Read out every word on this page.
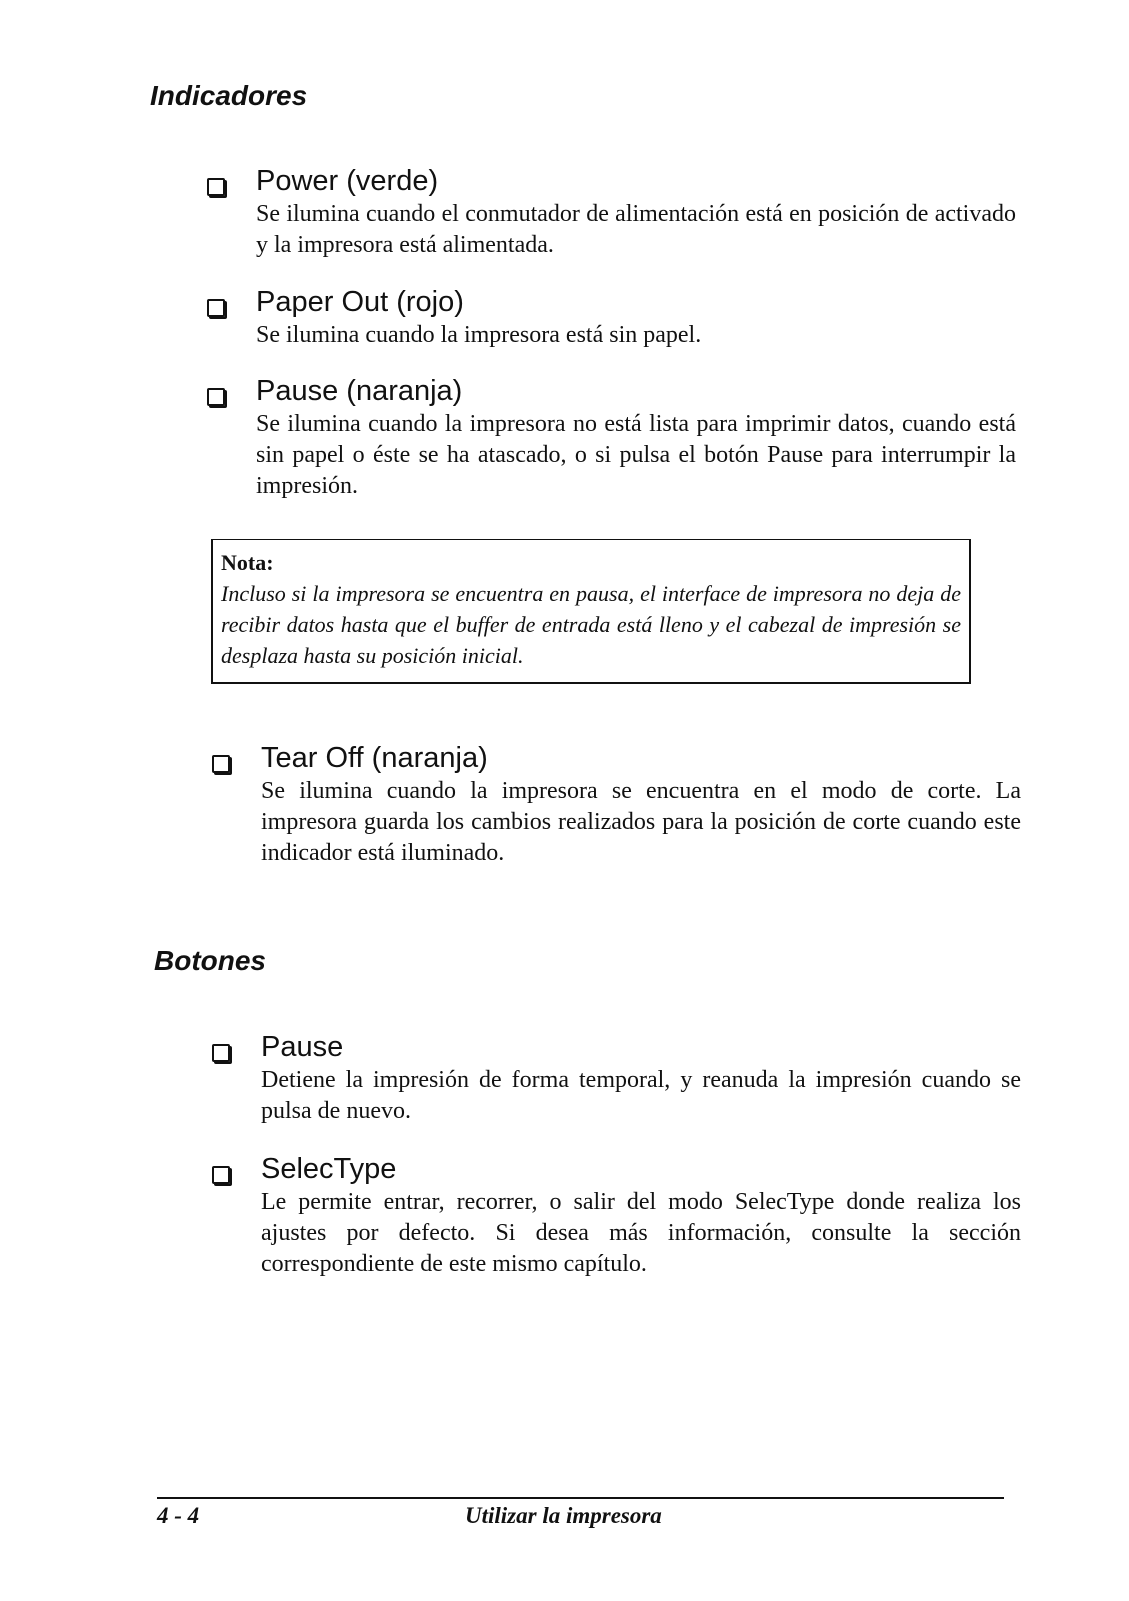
Indicadores
Power (verde)

Se ilumina cuando el conmutador de alimentación está en posición de activado y la impresora está alimentada.

Paper Out (rojo)

Se ilumina cuando la impresora está sin papel.

Pause (naranja)

Se ilumina cuando la impresora no está lista para imprimir datos, cuando está sin papel o éste se ha atascado, o si pulsa el botón Pause para interrumpir la impresión.

Nota:

Incluso si la impresora se encuentra en pausa, el interface de impresora no deja de recibir datos hasta que el buffer de entrada está lleno y el cabezal de impresión se desplaza hasta su posición inicial.

Tear Off (naranja)

Se ilumina cuando la impresora se encuentra en el modo de corte. La impresora guarda los cambios realizados para la posición de corte cuando este indicador está iluminado.

Botones
Pause

Detiene la impresión de forma temporal, y reanuda la impresión cuando se pulsa de nuevo.

SelecType

Le permite entrar, recorrer, o salir del modo SelecType donde realiza los ajustes por defecto. Si desea más información, consulte la sección correspondiente de este mismo capítulo.

4 - 4	Utilizar la impresora
